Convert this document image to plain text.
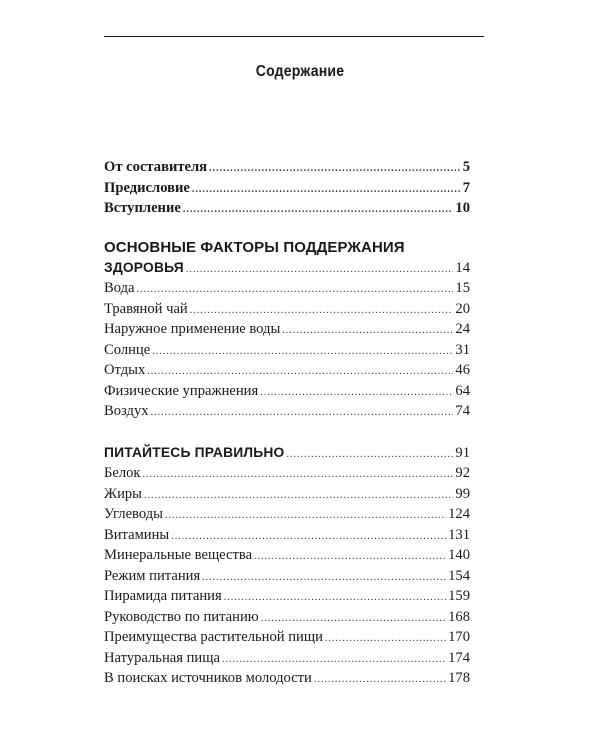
Содержание
От составителя .....	5
Предисловие .....	7
Вступление .....	10
ОСНОВНЫЕ ФАКТОРЫ ПОДДЕРЖАНИЯ
ЗДОРОВЬЯ .....	14
Вода .....	15
Травяной чай .....	20
Наружное применение воды .....	24
Солнце .....	31
Отдых .....	46
Физические упражнения .....	64
Воздух .....	74
ПИТАЙТЕСЬ ПРАВИЛЬНО .....	91
Белок .....	92
Жиры .....	99
Углеводы .....	124
Витамины .....	131
Минеральные вещества .....	140
Режим питания .....	154
Пирамида питания .....	159
Руководство по питанию .....	168
Преимущества растительной пищи .....	170
Натуральная пища .....	174
В поисках источников молодости .....	178
